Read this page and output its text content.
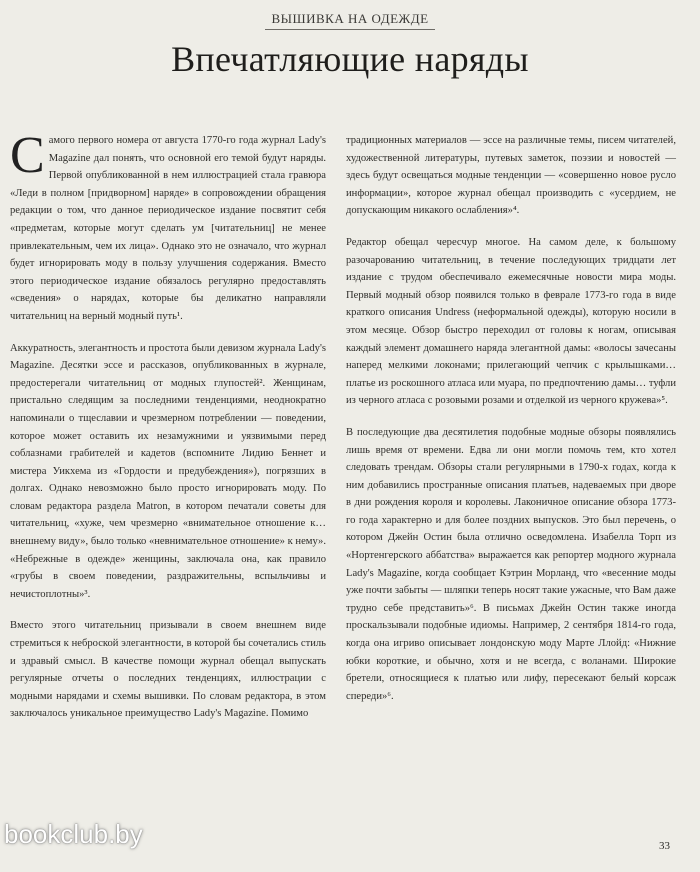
ВЫШИВКА НА ОДЕЖДЕ
Впечатляющие наряды

Самого первого номера от августа 1770-го года журнал Lady's Magazine дал понять, что основной его темой будут наряды. Первой опубликованной в нем иллюстрацией стала гравюра «Леди в полном [придворном] наряде» в сопровождении обращения редакции о том, что данное периодическое издание посвятит себя «предметам, которые могут сделать ум [читательниц] не менее привлекательным, чем их лица». Однако это не означало, что журнал будет игнорировать моду в пользу улучшения содержания. Вместо этого периодическое издание обязалось регулярно предоставлять «сведения» о нарядах, которые бы деликатно направляли читательниц на верный модный путь¹.

Аккуратность, элегантность и простота были девизом журнала Lady's Magazine. Десятки эссе и рассказов, опубликованных в журнале, предостерегали читательниц от модных глупостей². Женщинам, пристально следящим за последними тенденциями, неоднократно напоминали о тщеславии и чрезмерном потреблении — поведении, которое может оставить их незамужними и уязвимыми перед соблазнами грабителей и кадетов (вспомните Лидию Беннет и мистера Уикхема из «Гордости и предубеждения»), погрязших в долгах. Однако невозможно было просто игнорировать моду. По словам редактора раздела Matron, в котором печатали советы для читательниц, «хуже, чем чрезмерно «внимательное отношение к… внешнему виду», было только «невнимательное отношение» к нему». «Небрежные в одежде» женщины, заключала она, как правило «грубы в своем поведении, раздражительны, вспыльчивы и нечистоплотны»³.

Вместо этого читательниц призывали в своем внешнем виде стремиться к неброской элегантности, в которой бы сочетались стиль и здравый смысл. В качестве помощи журнал обещал выпускать регулярные отчеты о последних тенденциях, иллюстрации с модными нарядами и схемы вышивки. По словам редактора, в этом заключалось уникальное преимущество Lady's Magazine. Помимо

традиционных материалов — эссе на различные темы, писем читателей, художественной литературы, путевых заметок, поэзии и новостей — здесь будут освещаться модные тенденции — «совершенно новое русло информации», которое журнал обещал производить с «усердием, не допускающим никакого ослабления»⁴.

Редактор обещал чересчур многое. На самом деле, к большому разочарованию читательниц, в течение последующих тридцати лет издание с трудом обеспечивало ежемесячные новости мира моды. Первый модный обзор появился только в феврале 1773-го года в виде краткого описания Undress (неформальной одежды), которую носили в этом месяце. Обзор быстро переходил от головы к ногам, описывая каждый элемент домашнего наряда элегантной дамы: «волосы зачесаны наперед мелкими локонами; прилегающий чепчик с крылышками… платье из роскошного атласа или муара, по предпочтению дамы… туфли из черного атласа с розовыми розами и отделкой из черного кружева»⁵.

В последующие два десятилетия подобные модные обзоры появлялись лишь время от времени. Едва ли они могли помочь тем, кто хотел следовать трендам. Обзоры стали регулярными в 1790-х годах, когда к ним добавились пространные описания платьев, надеваемых при дворе в дни рождения короля и королевы. Лаконичное описание обзора 1773-го года характерно и для более поздних выпусков. Это был перечень, о котором Джейн Остин была отлично осведомлена. Изабелла Торп из «Нортенгерского аббатства» выражается как репортер модного журнала Lady's Magazine, когда сообщает Кэтрин Морланд, что «весенние моды уже почти забыты — шляпки теперь носят такие ужасные, что Вам даже трудно себе представить»⁶. В письмах Джейн Остин также иногда проскальзывали подобные идиомы. Например, 2 сентября 1814-го года, когда она игриво описывает лондонскую моду Марте Ллойд: «Нижние юбки короткие, и обычно, хотя и не всегда, с воланами. Широкие бретели, относящиеся к платью или лифу, пересекают белый корсаж спереди»⁶.

bookclub.by	33
